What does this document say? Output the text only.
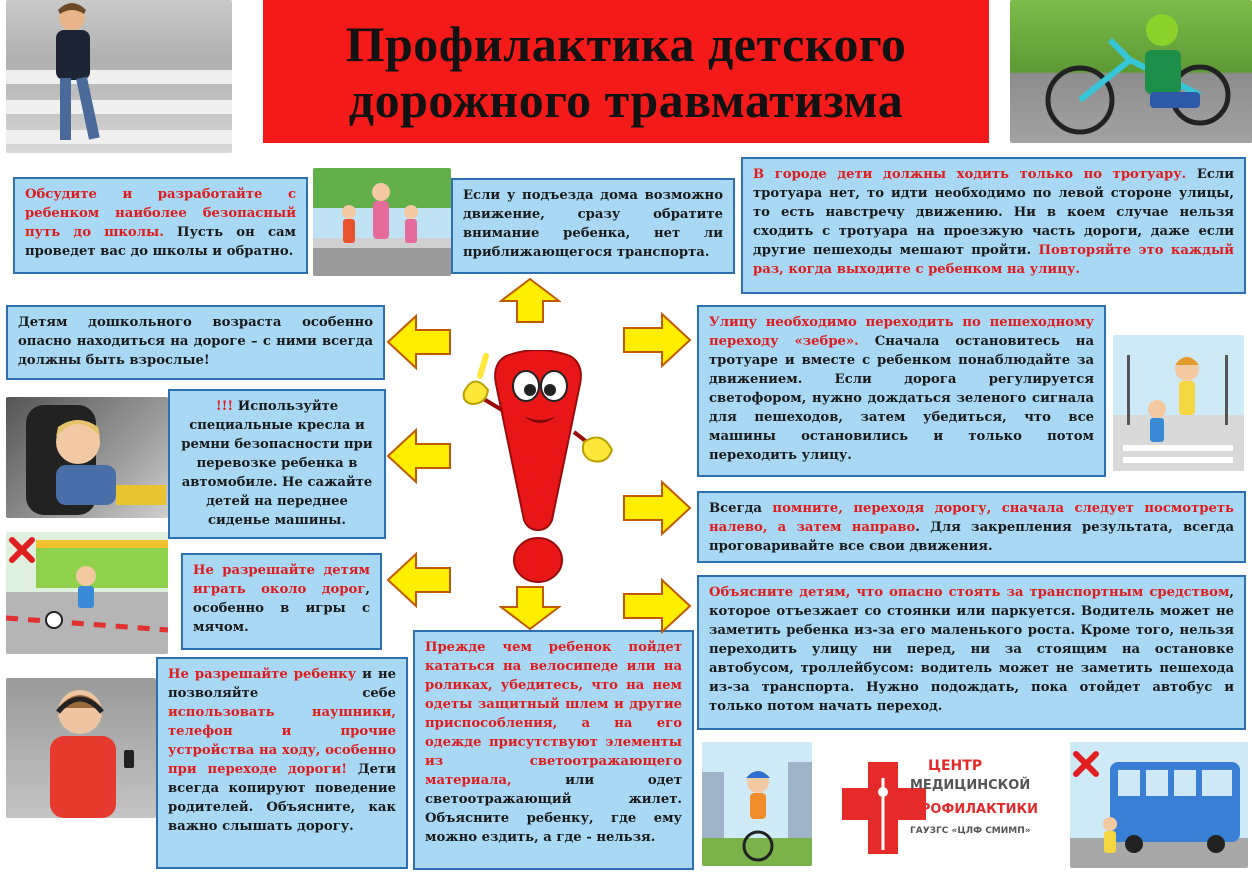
Профилактика детского
дорожного травматизма
Обсудите и разработайте с ребенком наиболее безопасный путь до школы. Пусть он сам проведет вас до школы и обратно.
Если у подъезда дома возможно движение, сразу обратите внимание ребенка, нет ли приближающегося транспорта.
В городе дети должны ходить только по тротуару. Если тротуара нет, то идти необходимо по левой стороне улицы, то есть навстречу движению. Ни в коем случае нельзя сходить с тротуара на проезжую часть дороги, даже если другие пешеходы мешают пройти. Повторяйте это каждый раз, когда выходите с ребенком на улицу.
Детям дошкольного возраста особенно опасно находиться на дороге – с ними всегда должны быть взрослые!
Улицу необходимо переходить по пешеходному переходу «зебре». Сначала остановитесь на тротуаре и вместе с ребенком понаблюдайте за движением. Если дорога регулируется светофором, нужно дождаться зеленого сигнала для пешеходов, затем убедиться, что все машины остановились и только потом переходить улицу.
!!! Используйте специальные кресла и ремни безопасности при перевозке ребенка в автомобиле. Не сажайте детей на переднее сиденье машины.
Всегда помните, переходя дорогу, сначала следует посмотреть налево, а затем направо. Для закрепления результата, всегда проговаривайте все свои движения.
Не разрешайте детям играть около дорог, особенно в игры с мячом.
Объясните детям, что опасно стоять за транспортным средством, которое отъезжает со стоянки или паркуется. Водитель может не заметить ребенка из-за его маленького роста. Кроме того, нельзя переходить улицу ни перед, ни за стоящим на остановке автобусом, троллейбусом: водитель может не заметить пешехода из-за транспорта. Нужно подождать, пока отойдет автобус и только потом начать переход.
Не разрешайте ребенку и не позволяйте себе использовать наушники, телефон и прочие устройства на ходу, особенно при переходе дороги! Дети всегда копируют поведение родителей. Объясните, как важно слышать дорогу.
Прежде чем ребенок пойдет кататься на велосипеде или на роликах, убедитесь, что на нем одеты защитный шлем и другие приспособления, а на его одежде присутствуют элементы из светоотражающего материала, или одет светоотражающий жилет. Объясните ребенку, где ему можно ездить, а где - нельзя.
ЦЕНТР
МЕДИЦИНСКОЙ
ПРОФИЛАКТИКИ
ГАУЗГС «ЦЛФ СМИМП»
